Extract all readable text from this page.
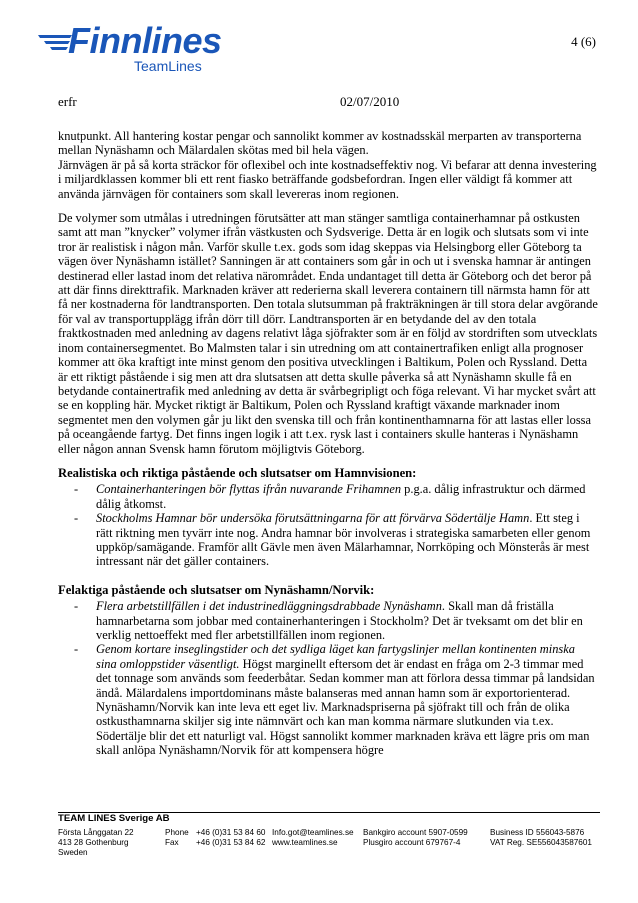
Finnlines
TeamLines
4 (6)
erfr	02/07/2010

knutpunkt. All hantering kostar pengar och sannolikt kommer av kostnadsskäl merparten av transporterna mellan Nynäshamn och Mälardalen skötas med bil hela vägen.

Järnvägen är på så korta sträckor för oflexibel och inte kostnadseffektiv nog. Vi befarar att denna investering i miljardklassen kommer bli ett rent fiasko beträffande godsbefordran. Ingen eller väldigt få kommer att använda järnvägen för containers som skall levereras inom regionen.

De volymer som utmålas i utredningen förutsätter att man stänger samtliga containerhamnar på ostkusten samt att man ”knycker” volymer ifrån västkusten och Sydsverige. Detta är en logik och slutsats som vi inte tror är realistisk i någon mån. Varför skulle t.ex. gods som idag skeppas via Helsingborg eller Göteborg ta vägen över Nynäshamn istället? Sanningen är att containers som går in och ut i svenska hamnar är antingen destinerad eller lastad inom det relativa närområdet. Enda undantaget till detta är Göteborg och det beror på att där finns direkttrafik. Marknaden kräver att rederierna skall leverera containern till närmsta hamn för att få ner kostnaderna för landtransporten. Den totala slutsumman på frakträkningen är till stora delar avgörande för val av transportupplägg ifrån dörr till dörr. Landtransporten är en betydande del av den totala fraktkostnaden med anledning av dagens relativt låga sjöfrakter som är en följd av stordriften som utvecklats inom containersegmentet. Bo Malmsten talar i sin utredning om att containertrafiken enligt alla prognoser kommer att öka kraftigt inte minst genom den positiva utvecklingen i Baltikum, Polen och Ryssland. Detta är ett riktigt påstående i sig men att dra slutsatsen att detta skulle påverka så att Nynäshamn skulle få en betydande containertrafik med anledning av detta är svårbegripligt och föga relevant. Vi har mycket svårt att se en koppling här. Mycket riktigt är Baltikum, Polen och Ryssland kraftigt växande marknader inom segmentet men den volymen går ju likt den svenska till och från kontinenthamnarna för att lastas eller lossa på oceangående fartyg. Det finns ingen logik i att t.ex. rysk last i containers skulle hanteras i Nynäshamn eller någon annan Svensk hamn förutom möjligtvis Göteborg.

Realistiska och riktiga påstående och slutsatser om Hamnvisionen:
- Containerhanteringen bör flyttas ifrån nuvarande Frihamnen p.g.a. dålig infrastruktur och därmed dålig åtkomst.
- Stockholms Hamnar bör undersöka förutsättningarna för att förvärva Södertälje Hamn. Ett steg i rätt riktning men tyvärr inte nog. Andra hamnar bör involveras i strategiska samarbeten eller genom uppköp/samägande. Framför allt Gävle men även Mälarhamnar, Norrköping och Mönsterås är mest intressant när det gäller containers.
Felaktiga påstående och slutsatser om Nynäshamn/Norvik:
- Flera arbetstillfällen i det industrinedläggningsdrabbade Nynäshamn. Skall man då friställa hamnarbetarna som jobbar med containerhanteringen i Stockholm? Det är tveksamt om det blir en verklig nettoeffekt med fler arbetstillfällen inom regionen.
- Genom kortare inseglingstider och det sydliga läget kan fartygslinjer mellan kontinenten minska sina omloppstider väsentligt. Högst marginellt eftersom det är endast en fråga om 2-3 timmar med det tonnage som används som feederbåtar. Sedan kommer man att förlora dessa timmar på landsidan ändå. Mälardalens importdominans måste balanseras med annan hamn som är exportorienterad. Nynäshamn/Norvik kan inte leva ett eget liv. Marknadspriserna på sjöfrakt till och från de olika ostkusthamnarna skiljer sig inte nämnvärt och kan man komma närmare slutkunden via t.ex. Södertälje blir det ett naturligt val. Högst sannolikt kommer marknaden kräva ett lägre pris om man skall anlöpa Nynäshamn/Norvik för att kompensera högre
TEAM LINES Sverige AB
Första Långgatan 22
413 28 Gothenburg
Sweden
Phone
Fax
+46 (0)31 53 84 60
+46 (0)31 53 84 62
Info.got@teamlines.se
www.teamlines.se
Bankgiro account 5907-0599
Plusgiro account 679767-4
Business ID 556043-5876
VAT Reg. SE556043587601
